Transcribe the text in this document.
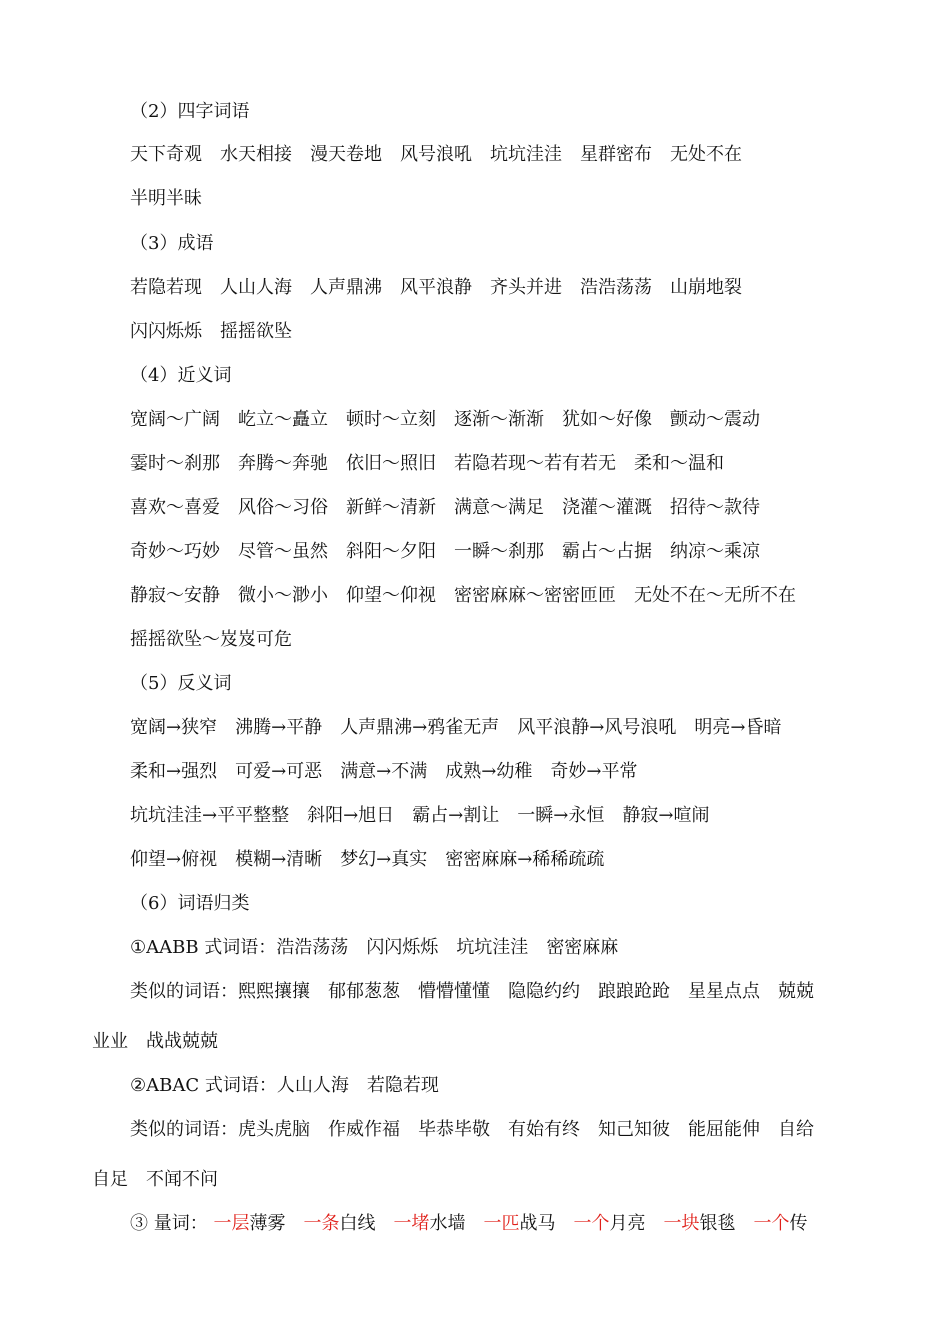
（2）四字词语
天下奇观 水天相接 漫天卷地 风号浪吼 坑坑洼洼 星群密布 无处不在
半明半昧
（3）成语
若隐若现 人山人海 人声鼎沸 风平浪静 齐头并进 浩浩荡荡 山崩地裂
闪闪烁烁 摇摇欲坠
（4）近义词
宽阔～广阔 屹立～矗立 顿时～立刻 逐渐～渐渐 犹如～好像 颤动～震动
霎时～刹那 奔腾～奔驰 依旧～照旧 若隐若现～若有若无 柔和～温和
喜欢～喜爱 风俗～习俗 新鲜～清新 满意～满足 浇灌～灌溉 招待～款待
奇妙～巧妙 尽管～虽然 斜阳～夕阳 一瞬～刹那 霸占～占据 纳凉～乘凉
静寂～安静 微小～渺小 仰望～仰视 密密麻麻～密密匝匝 无处不在～无所不在
摇摇欲坠～岌岌可危
（5）反义词
宽阔→狭窄 沸腾→平静 人声鼎沸→鸦雀无声 风平浪静→风号浪吼 明亮→昏暗
柔和→强烈 可爱→可恶 满意→不满 成熟→幼稚 奇妙→平常
坑坑洼洼→平平整整 斜阳→旭日 霸占→割让 一瞬→永恒 静寂→喧闹
仰望→俯视 模糊→清晰 梦幻→真实 密密麻麻→稀稀疏疏
（6）词语归类
①AABB 式词语：浩浩荡荡 闪闪烁烁 坑坑洼洼 密密麻麻
类似的词语：熙熙攘攘 郁郁葱葱 懵懵懂懂 隐隐约约 踉踉跄跄 星星点点 兢兢
业业 战战兢兢
②ABAC 式词语：人山人海 若隐若现
类似的词语：虎头虎脑 作威作福 毕恭毕敬 有始有终 知己知彼 能屈能伸 自给
自足 不闻不问
③ 量词： 一层薄雾 一条白线 一堵水墙 一匹战马 一个月亮 一块银毯 一个传
